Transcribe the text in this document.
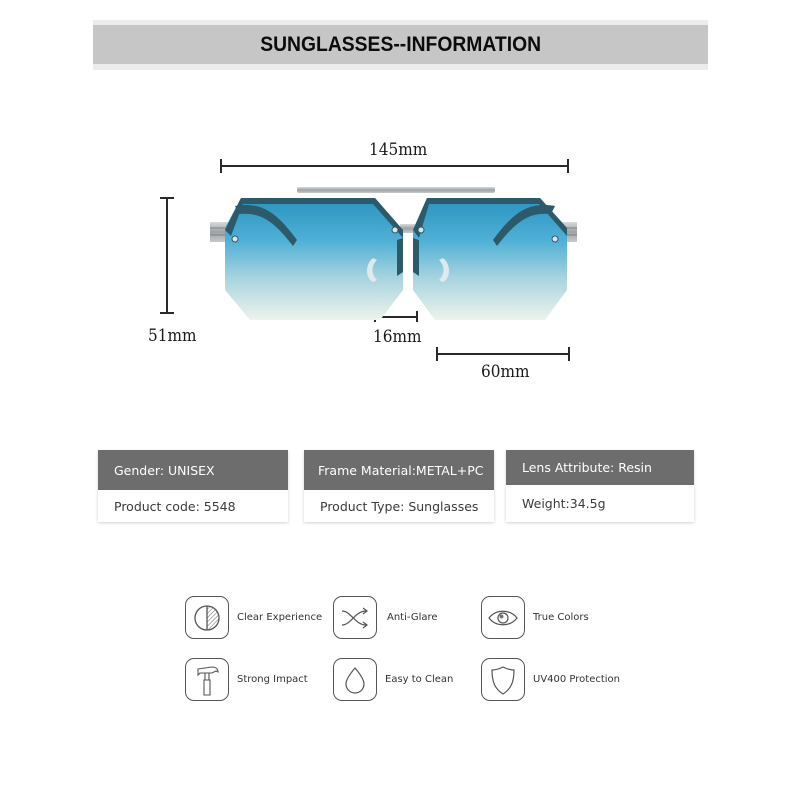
SUNGLASSES--INFORMATION
145mm
51mm	16mm
60mm
Gender: UNISEX
Product code: 5548
Frame Material:METAL+PC
Product Type: Sunglasses
Lens Attribute: Resin
Weight:34.5g
Clear Experience	Anti-Glare	True Colors
Strong Impact	Easy to Clean	UV400 Protection
